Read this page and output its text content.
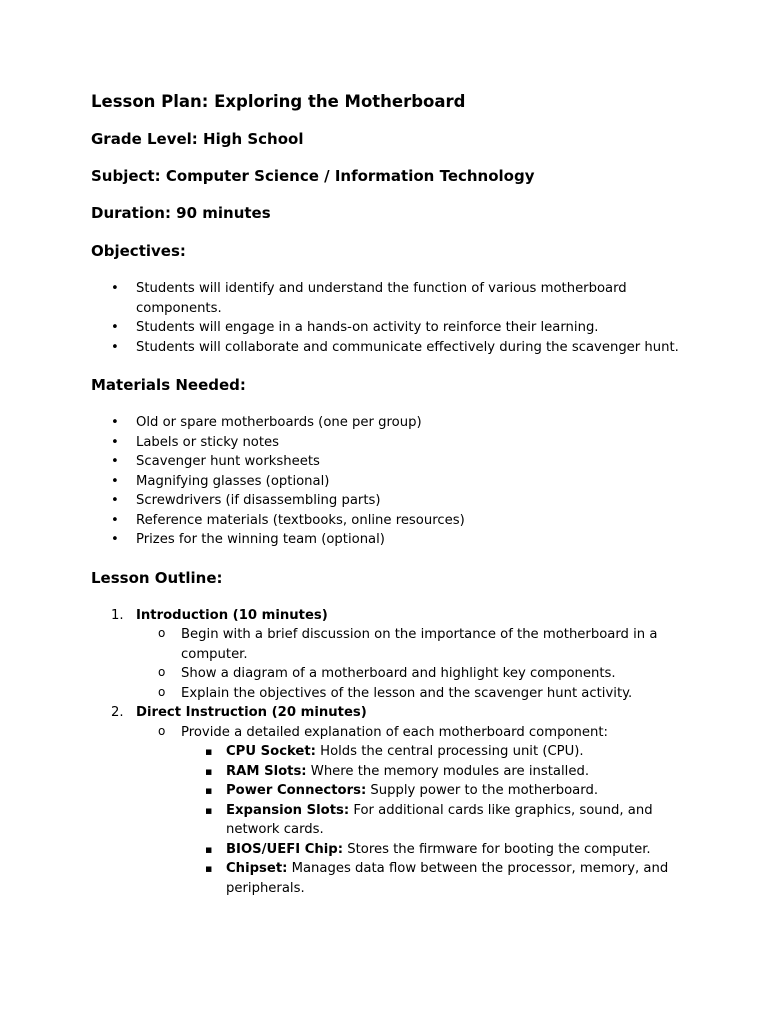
Lesson Plan: Exploring the Motherboard
Grade Level: High School
Subject: Computer Science / Information Technology
Duration: 90 minutes
Objectives:
• Students will identify and understand the function of various motherboard components.
• Students will engage in a hands-on activity to reinforce their learning.
• Students will collaborate and communicate effectively during the scavenger hunt.
Materials Needed:
• Old or spare motherboards (one per group)
• Labels or sticky notes
• Scavenger hunt worksheets
• Magnifying glasses (optional)
• Screwdrivers (if disassembling parts)
• Reference materials (textbooks, online resources)
• Prizes for the winning team (optional)
Lesson Outline:
1. Introduction (10 minutes)
o Begin with a brief discussion on the importance of the motherboard in a computer.
o Show a diagram of a motherboard and highlight key components.
o Explain the objectives of the lesson and the scavenger hunt activity.
2. Direct Instruction (20 minutes)
o Provide a detailed explanation of each motherboard component:
▪ CPU Socket: Holds the central processing unit (CPU).
▪ RAM Slots: Where the memory modules are installed.
▪ Power Connectors: Supply power to the motherboard.
▪ Expansion Slots: For additional cards like graphics, sound, and network cards.
▪ BIOS/UEFI Chip: Stores the firmware for booting the computer.
▪ Chipset: Manages data flow between the processor, memory, and peripherals.
